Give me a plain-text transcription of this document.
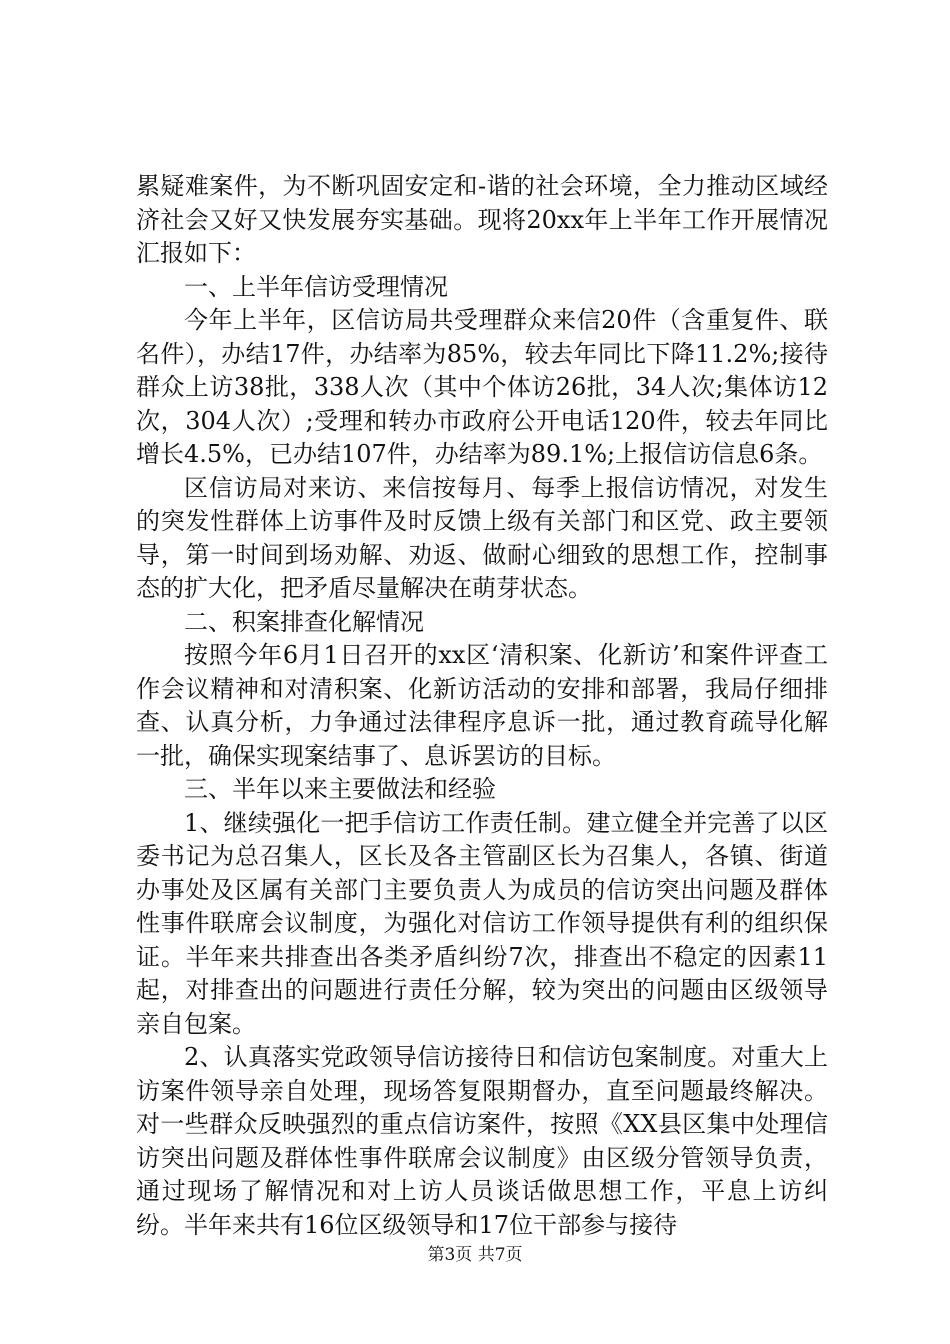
累疑难案件，为不断巩固安定和-谐的社会环境，全力推动区域经济社会又好又快发展夯实基础。现将20xx年上半年工作开展情况汇报如下：

一、上半年信访受理情况

今年上半年，区信访局共受理群众来信20件（含重复件、联名件），办结17件，办结率为85%，较去年同比下降11.2%;接待群众上访38批，338人次（其中个体访26批，34人次;集体访12次，304人次）;受理和转办市政府公开电话120件，较去年同比增长4.5%，已办结107件，办结率为89.1%;上报信访信息6条。

区信访局对来访、来信按每月、每季上报信访情况，对发生的突发性群体上访事件及时反馈上级有关部门和区党、政主要领导，第一时间到场劝解、劝返、做耐心细致的思想工作，控制事态的扩大化，把矛盾尽量解决在萌芽状态。

二、积案排查化解情况

按照今年6月1日召开的xx区‘清积案、化新访’和案件评查工作会议精神和对清积案、化新访活动的安排和部署，我局仔细排查、认真分析，力争通过法律程序息诉一批，通过教育疏导化解一批，确保实现案结事了、息诉罢访的目标。

三、半年以来主要做法和经验

1、继续强化一把手信访工作责任制。建立健全并完善了以区委书记为总召集人，区长及各主管副区长为召集人，各镇、街道办事处及区属有关部门主要负责人为成员的信访突出问题及群体性事件联席会议制度，为强化对信访工作领导提供有利的组织保证。半年来共排查出各类矛盾纠纷7次，排查出不稳定的因素11起，对排查出的问题进行责任分解，较为突出的问题由区级领导亲自包案。

2、认真落实党政领导信访接待日和信访包案制度。对重大上访案件领导亲自处理，现场答复限期督办，直至问题最终解决。对一些群众反映强烈的重点信访案件，按照《XX县区集中处理信访突出问题及群体性事件联席会议制度》由区级分管领导负责，通过现场了解情况和对上访人员谈话做思想工作，平息上访纠纷。半年来共有16位区级领导和17位干部参与接待

第3页 共7页
